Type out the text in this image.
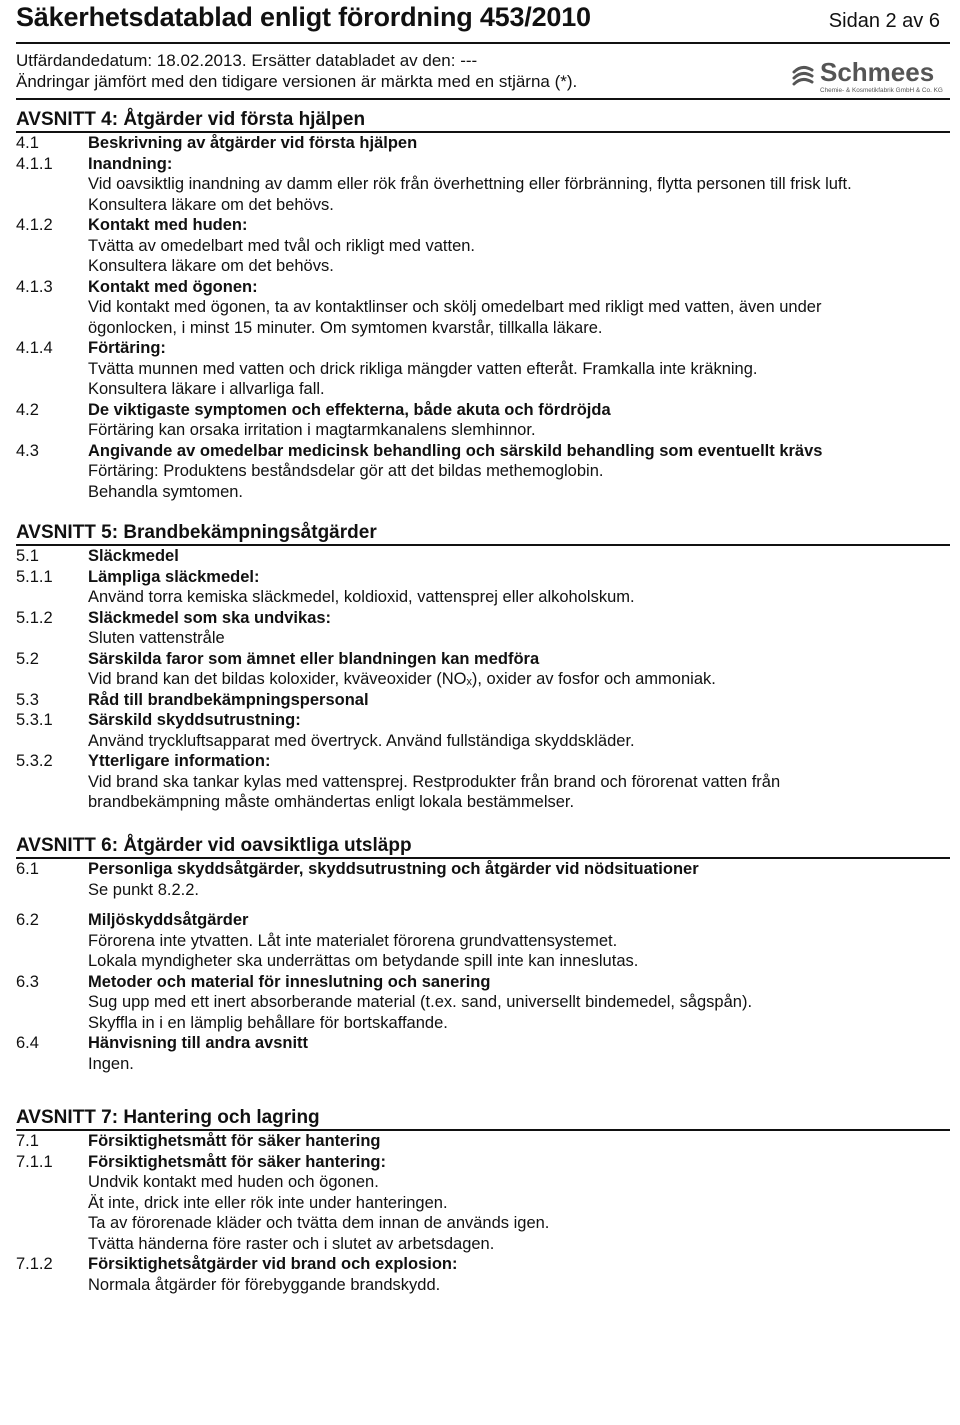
Säkerhetsdatablad enligt förordning 453/2010	Sidan 2 av 6
Utfärdandedatum: 18.02.2013. Ersätter databladet av den: ---
Ändringar jämfört med den tidigare versionen är märkta med en stjärna (*).	Schmees
Chemie- & Kosmetikfabrik GmbH & Co. KG
AVSNITT 4: Åtgärder vid första hjälpen
4.1	Beskrivning av åtgärder vid första hjälpen
4.1.1 Inandning:
Vid oavsiktlig inandning av damm eller rök från överhettning eller förbränning, flytta personen till frisk luft.
Konsultera läkare om det behövs.
4.1.2 Kontakt med huden:
Tvätta av omedelbart med tvål och rikligt med vatten.
Konsultera läkare om det behövs.
4.1.3 Kontakt med ögonen:
Vid kontakt med ögonen, ta av kontaktlinser och skölj omedelbart med rikligt med vatten, även under
ögonlocken, i minst 15 minuter. Om symtomen kvarstår, tillkalla läkare.
4.1.4 Förtäring:
Tvätta munnen med vatten och drick rikliga mängder vatten efteråt. Framkalla inte kräkning.
Konsultera läkare i allvarliga fall.
4.2	De viktigaste symptomen och effekterna, både akuta och fördröjda
Förtäring kan orsaka irritation i magtarmkanalens slemhinnor.
4.3	Angivande av omedelbar medicinsk behandling och särskild behandling som eventuellt krävs
Förtäring: Produktens beståndsdelar gör att det bildas methemoglobin.
Behandla symtomen.
AVSNITT 5: Brandbekämpningsåtgärder
5.1	Släckmedel
5.1.1 Lämpliga släckmedel:
Använd torra kemiska släckmedel, koldioxid, vattensprej eller alkoholskum.
5.1.2 Släckmedel som ska undvikas:
Sluten vattenstråle
5.2	Särskilda faror som ämnet eller blandningen kan medföra
Vid brand kan det bildas koloxider, kväveoxider (NOₓ), oxider av fosfor och ammoniak.
5.3	Råd till brandbekämpningspersonal
5.3.1 Särskild skyddsutrustning:
Använd tryckluftsapparat med övertryck. Använd fullständiga skyddskläder.
5.3.2 Ytterligare information:
Vid brand ska tankar kylas med vattensprej. Restprodukter från brand och förorenat vatten från
brandbekämpning måste omhändertas enligt lokala bestämmelser.
AVSNITT 6: Åtgärder vid oavsiktliga utsläpp
6.1	Personliga skyddsåtgärder, skyddsutrustning och åtgärder vid nödsituationer
Se punkt 8.2.2.
6.2	Miljöskyddsåtgärder
Förorena inte ytvatten. Låt inte materialet förorena grundvattensystemet.
Lokala myndigheter ska underrättas om betydande spill inte kan inneslutas.
6.3	Metoder och material för inneslutning och sanering
Sug upp med ett inert absorberande material (t.ex. sand, universellt bindemedel, sågspån).
Skyffla in i en lämplig behållare för bortskaffande.
6.4	Hänvisning till andra avsnitt
Ingen.
AVSNITT 7: Hantering och lagring
7.1	Försiktighetsmått för säker hantering
7.1.1 Försiktighetsmått för säker hantering:
Undvik kontakt med huden och ögonen.
Ät inte, drick inte eller rök inte under hanteringen.
Ta av förorenade kläder och tvätta dem innan de används igen.
Tvätta händerna före raster och i slutet av arbetsdagen.
7.1.2 Försiktighetsåtgärder vid brand och explosion:
Normala åtgärder för förebyggande brandskydd.
